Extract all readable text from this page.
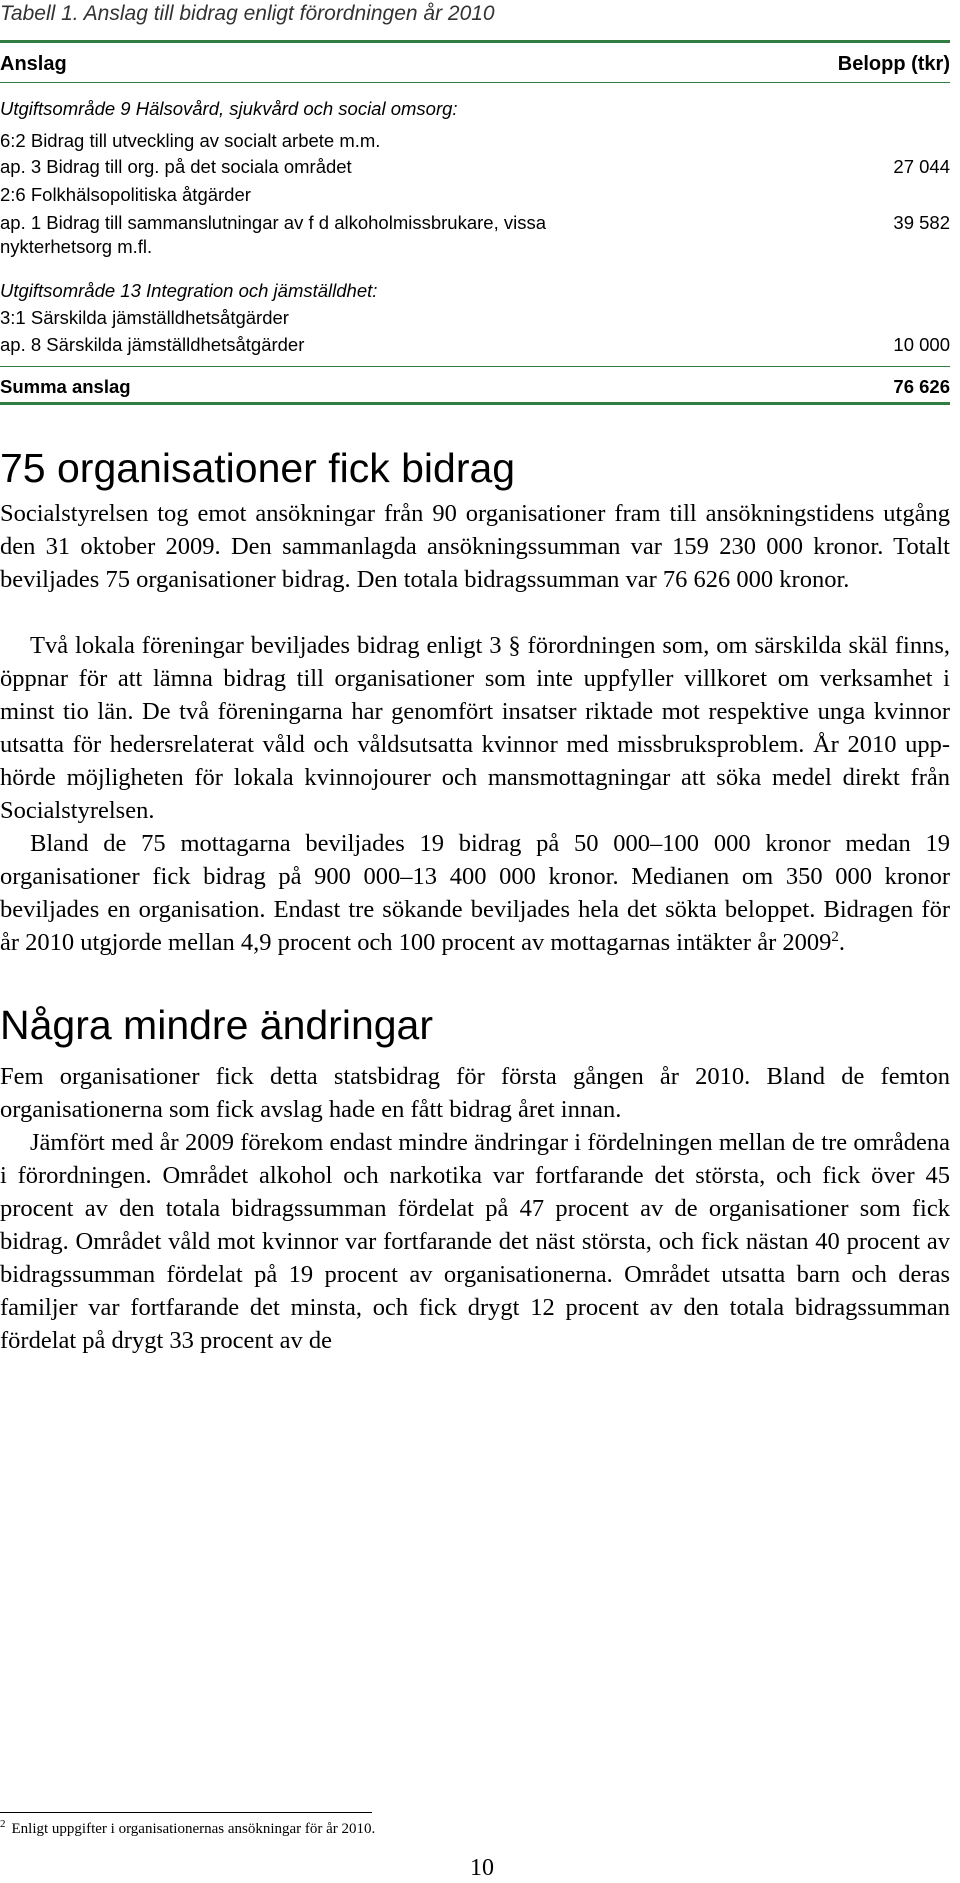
Tabell 1. Anslag till bidrag enligt förordningen år 2010
Anslag	Belopp (tkr)
Utgiftsområde 9 Hälsovård, sjukvård och social omsorg:
6:2 Bidrag till utveckling av socialt arbete m.m.
ap. 3 Bidrag till org. på det sociala området	27 044
2:6 Folkhälsopolitiska åtgärder
ap. 1 Bidrag till sammanslutningar av f d alkoholmissbrukare, vissa	39 582
nykterhetsorg m.fl.
Utgiftsområde 13 Integration och jämställdhet:
3:1 Särskilda jämställdhetsåtgärder
ap. 8 Särskilda jämställdhetsåtgärder	10 000
Summa anslag	76 626
75 organisationer fick bidrag
Socialstyrelsen tog emot ansökningar från 90 organisationer fram till ansökningstidens utgång den 31 oktober 2009. Den sammanlagda ansökningssumman var 159 230 000 kronor. Totalt beviljades 75 organisationer bidrag. Den totala bidragssumman var 76 626 000 kronor.
Två lokala föreningar beviljades bidrag enligt 3 § förordningen som, om särskilda skäl finns, öppnar för att lämna bidrag till organisationer som inte uppfyller villkoret om verksamhet i minst tio län. De två föreningarna har genomfört insatser riktade mot respektive unga kvinnor utsatta för hedersrelaterat våld och våldsutsatta kvinnor med missbruksproblem. År 2010 upphörde möjligheten för lokala kvinnojourer och mansmottagningar att söka medel direkt från Socialstyrelsen.
Bland de 75 mottagarna beviljades 19 bidrag på 50 000–100 000 kronor medan 19 organisationer fick bidrag på 900 000–13 400 000 kronor. Medianen om 350 000 kronor beviljades en organisation. Endast tre sökande beviljades hela det sökta beloppet. Bidragen för år 2010 utgjorde mellan 4,9 procent och 100 procent av mottagarnas intäkter år 2009$^2$.
Några mindre ändringar
Fem organisationer fick detta statsbidrag för första gången år 2010. Bland de femton organisationerna som fick avslag hade en fått bidrag året innan.
Jämfört med år 2009 förekom endast mindre ändringar i fördelningen mellan de tre områdena i förordningen. Området alkohol och narkotika var fortfarande det största, och fick över 45 procent av den totala bidragssumman fördelat på 47 procent av de organisationer som fick bidrag. Området våld mot kvinnor var fortfarande det näst största, och fick nästan 40 procent av bidragssumman fördelat på 19 procent av organisationerna. Området utsatta barn och deras familjer var fortfarande det minsta, och fick drygt 12 procent av den totala bidragssumman fördelat på drygt 33 procent av de
$^2$ Enligt uppgifter i organisationernas ansökningar för år 2010.
10
